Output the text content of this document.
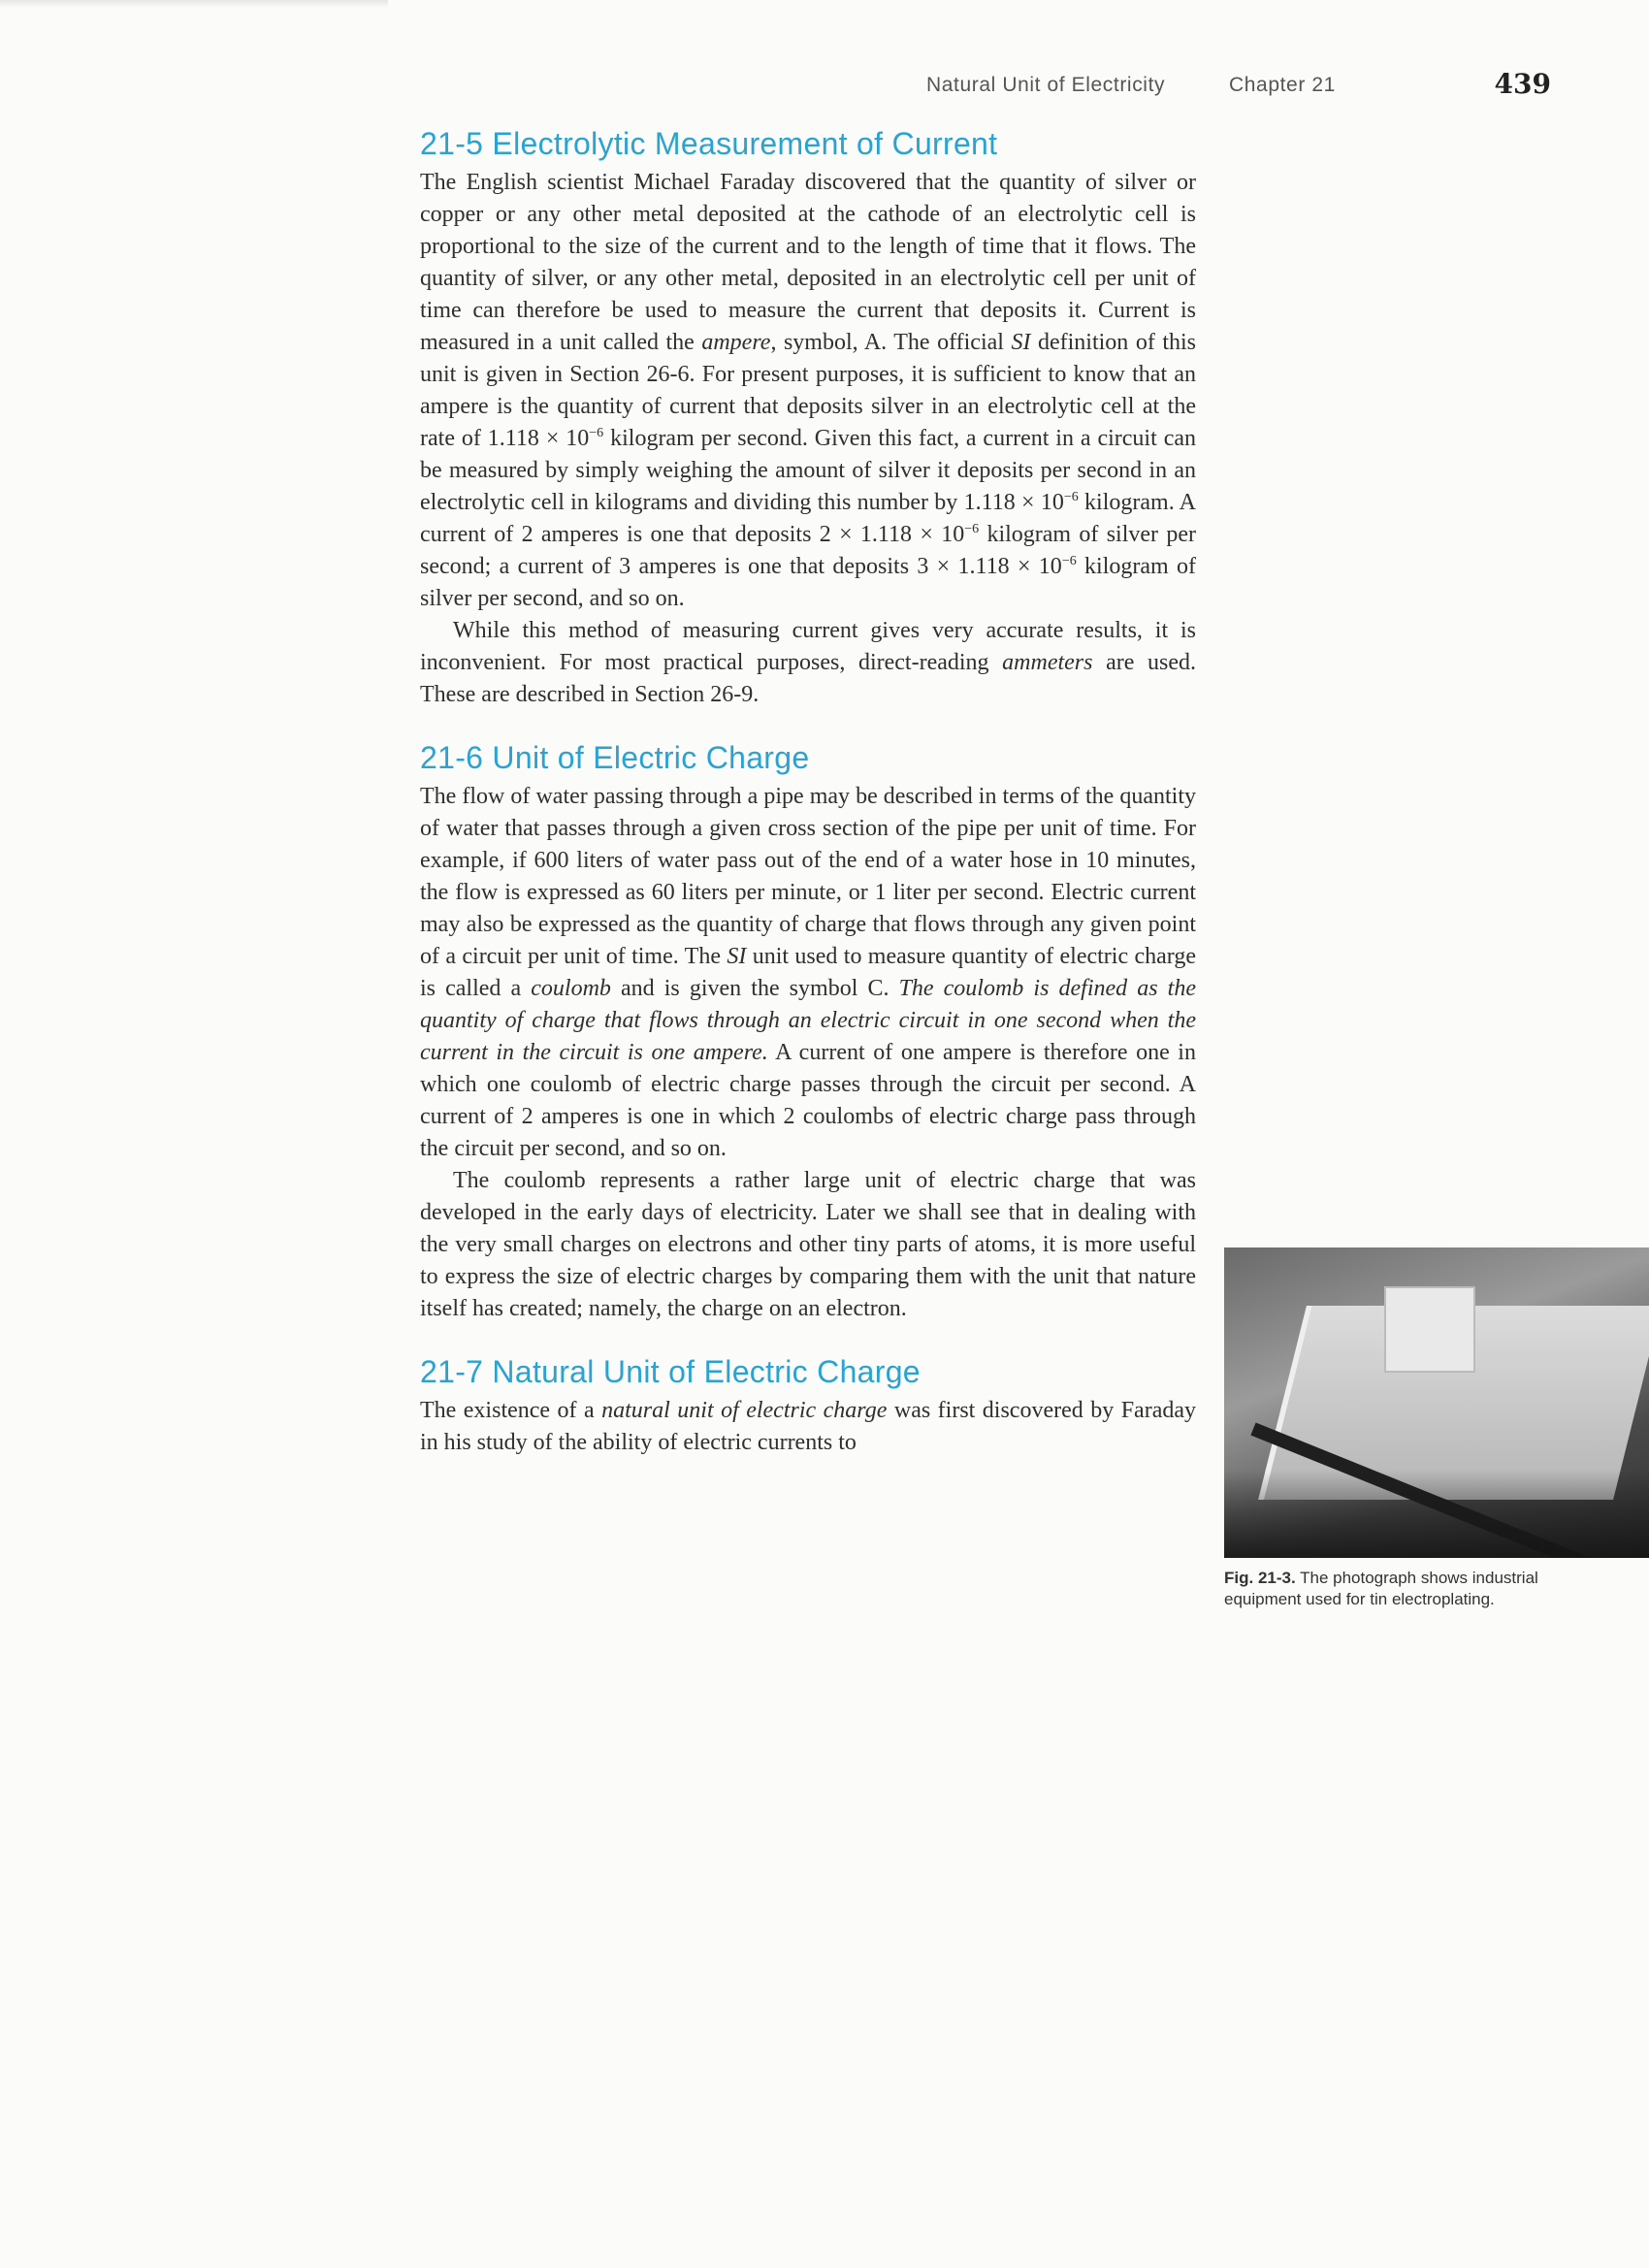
Natural Unit of Electricity	Chapter 21	439
21-5 Electrolytic Measurement of Current

The English scientist Michael Faraday discovered that the quantity of silver or copper or any other metal deposited at the cathode of an electrolytic cell is proportional to the size of the current and to the length of time that it flows. The quantity of silver, or any other metal, deposited in an electrolytic cell per unit of time can therefore be used to measure the current that deposits it. Current is measured in a unit called the ampere, symbol, A. The official SI definition of this unit is given in Section 26-6. For present purposes, it is sufficient to know that an ampere is the quantity of current that deposits silver in an electrolytic cell at the rate of $1.118 \times 10^{-6}$ kilogram per second. Given this fact, a current in a circuit can be measured by simply weighing the amount of silver it deposits per second in an electrolytic cell in kilograms and dividing this number by $1.118 \times 10^{-6}$ kilogram. A current of 2 amperes is one that deposits $2 \times 1.118 \times 10^{-6}$ kilogram of silver per second; a current of 3 amperes is one that deposits $3 \times 1.118 \times 10^{-6}$ kilogram of silver per second, and so on.

While this method of measuring current gives very accurate results, it is inconvenient. For most practical purposes, direct-reading ammeters are used. These are described in Section 26-9.

21-6 Unit of Electric Charge

The flow of water passing through a pipe may be described in terms of the quantity of water that passes through a given cross section of the pipe per unit of time. For example, if 600 liters of water pass out of the end of a water hose in 10 minutes, the flow is expressed as 60 liters per minute, or 1 liter per second. Electric current may also be expressed as the quantity of charge that flows through any given point of a circuit per unit of time. The SI unit used to measure quantity of electric charge is called a coulomb and is given the symbol C. The coulomb is defined as the quantity of charge that flows through an electric circuit in one second when the current in the circuit is one ampere. A current of one ampere is therefore one in which one coulomb of electric charge passes through the circuit per second. A current of 2 amperes is one in which 2 coulombs of electric charge pass through the circuit per second, and so on.

The coulomb represents a rather large unit of electric charge that was developed in the early days of electricity. Later we shall see that in dealing with the very small charges on electrons and other tiny parts of atoms, it is more useful to express the size of electric charges by comparing them with the unit that nature itself has created; namely, the charge on an electron.

21-7 Natural Unit of Electric Charge

The existence of a natural unit of electric charge was first discovered by Faraday in his study of the ability of electric currents to

Fig. 21-3. The photograph shows industrial equipment used for tin electroplating.
